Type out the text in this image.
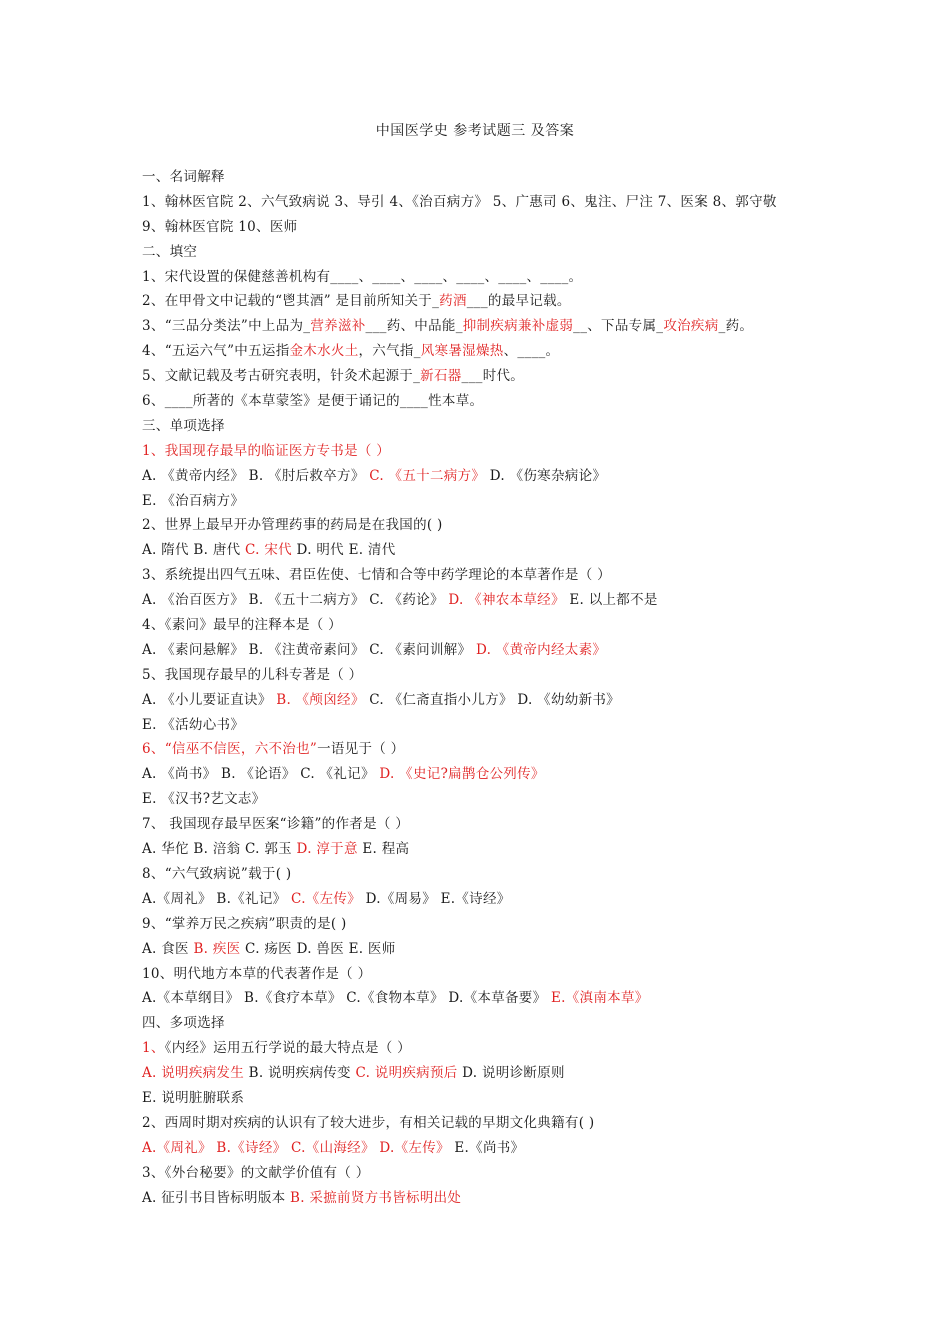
中国医学史 参考试题三 及答案
一、名词解释
1、翰林医官院 2、六气致病说 3、导引 4、《治百病方》 5、广惠司 6、鬼注、尸注 7、医案 8、郭守敬
9、翰林医官院 10、医师
二、填空
1、宋代设置的保健慈善机构有____、____、____、____、____、____。
2、在甲骨文中记载的“鬯其酒” 是目前所知关于_药酒___的最早记载。
3、“三品分类法”中上品为_营养滋补___药、中品能_抑制疾病兼补虚弱__、下品专属_攻治疾病_药。
4、“五运六气”中五运指金木水火土，六气指_风寒暑湿燥热、____。
5、文献记载及考古研究表明，针灸术起源于_新石器___时代。
6、____所著的《本草蒙筌》是便于诵记的____性本草。
三、单项选择
1、我国现存最早的临证医方专书是（ ）
A. 《黄帝内经》 B. 《肘后救卒方》 C. 《五十二病方》 D. 《伤寒杂病论》
E. 《治百病方》
2、世界上最早开办管理药事的药局是在我国的( )
A. 隋代 B. 唐代 C. 宋代 D. 明代 E. 清代
3、系统提出四气五味、君臣佐使、七情和合等中药学理论的本草著作是（ ）
A. 《治百医方》 B. 《五十二病方》 C. 《药论》 D. 《神农本草经》 E. 以上都不是
4、《素问》最早的注释本是（ ）
A. 《素问悬解》 B. 《注黄帝素问》 C. 《素问训解》 D. 《黄帝内经太素》
5、我国现存最早的儿科专著是（ ）
A. 《小儿要证直诀》 B. 《颅囟经》 C. 《仁斋直指小儿方》 D. 《幼幼新书》
E. 《活幼心书》
6、“信巫不信医，六不治也”一语见于（ ）
A. 《尚书》 B. 《论语》 C. 《礼记》 D. 《史记?扁鹊仓公列传》
E. 《汉书?艺文志》
7、 我国现存最早医案“诊籍”的作者是（ ）
A. 华佗 B. 涪翁 C. 郭玉 D. 淳于意 E. 程高
8、“六气致病说”载于( )
A.《周礼》 B.《礼记》 C.《左传》 D.《周易》 E.《诗经》
9、“掌养万民之疾病”职责的是( )
A. 食医 B. 疾医 C. 疡医 D. 兽医 E. 医师
10、明代地方本草的代表著作是（ ）
A.《本草纲目》 B.《食疗本草》 C.《食物本草》 D.《本草备要》 E.《滇南本草》
四、多项选择
1、《内经》运用五行学说的最大特点是（ ）
A. 说明疾病发生 B. 说明疾病传变 C. 说明疾病预后 D. 说明诊断原则
E. 说明脏腑联系
2、西周时期对疾病的认识有了较大进步，有相关记载的早期文化典籍有( )
A.《周礼》 B.《诗经》 C.《山海经》 D.《左传》 E.《尚书》
3、《外台秘要》的文献学价值有（ ）
A. 征引书目皆标明版本 B. 采摭前贤方书皆标明出处
